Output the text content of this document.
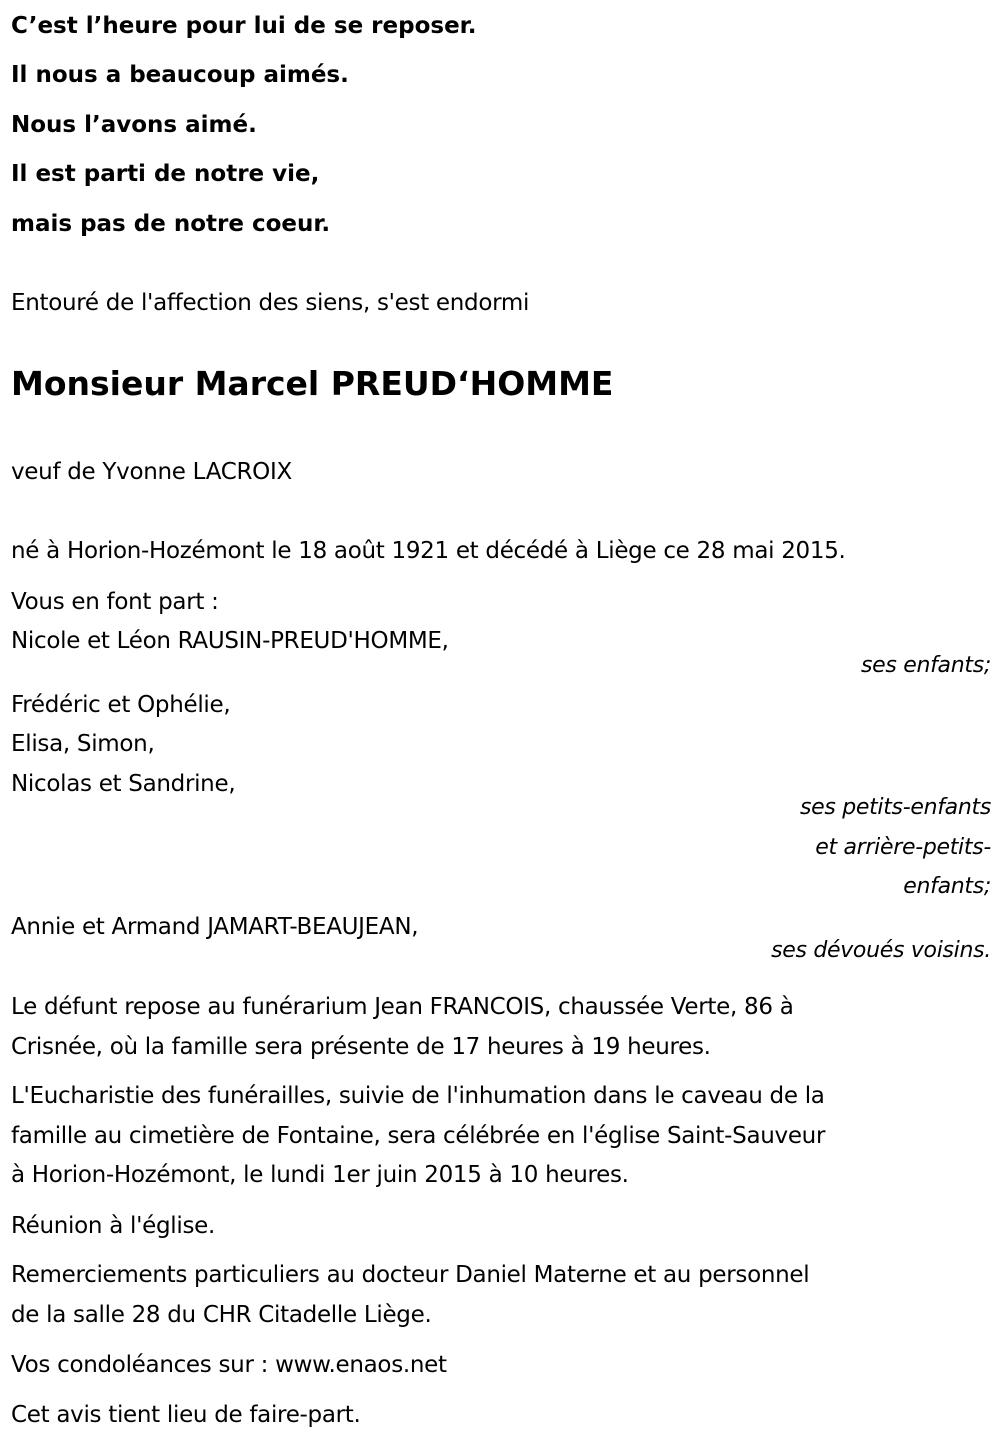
C’est l’heure pour lui de se reposer.
Il nous a beaucoup aimés.
Nous l’avons aimé.
Il est parti de notre vie,
mais pas de notre coeur.
Entouré de l'affection des siens, s'est endormi
Monsieur Marcel PREUD‘HOMME
veuf de Yvonne LACROIX
né à Horion-Hozémont le 18 août 1921 et décédé à Liège ce 28 mai 2015.
Vous en font part :
Nicole et Léon RAUSIN-PREUD'HOMME,
ses enfants;
Frédéric et Ophélie,
Elisa, Simon,
Nicolas et Sandrine,
ses petits-enfants
et arrière-petits-
enfants;
Annie et Armand JAMART-BEAUJEAN,
ses dévoués voisins.
Le défunt repose au funérarium Jean FRANCOIS, chaussée Verte, 86 à
Crisnée, où la famille sera présente de 17 heures à 19 heures.
L'Eucharistie des funérailles, suivie de l'inhumation dans le caveau de la
famille au cimetière de Fontaine, sera célébrée en l'église Saint-Sauveur
à Horion-Hozémont, le lundi 1er juin 2015 à 10 heures.
Réunion à l'église.
Remerciements particuliers au docteur Daniel Materne et au personnel
de la salle 28 du CHR Citadelle Liège.
Vos condoléances sur : www.enaos.net
Cet avis tient lieu de faire-part.
